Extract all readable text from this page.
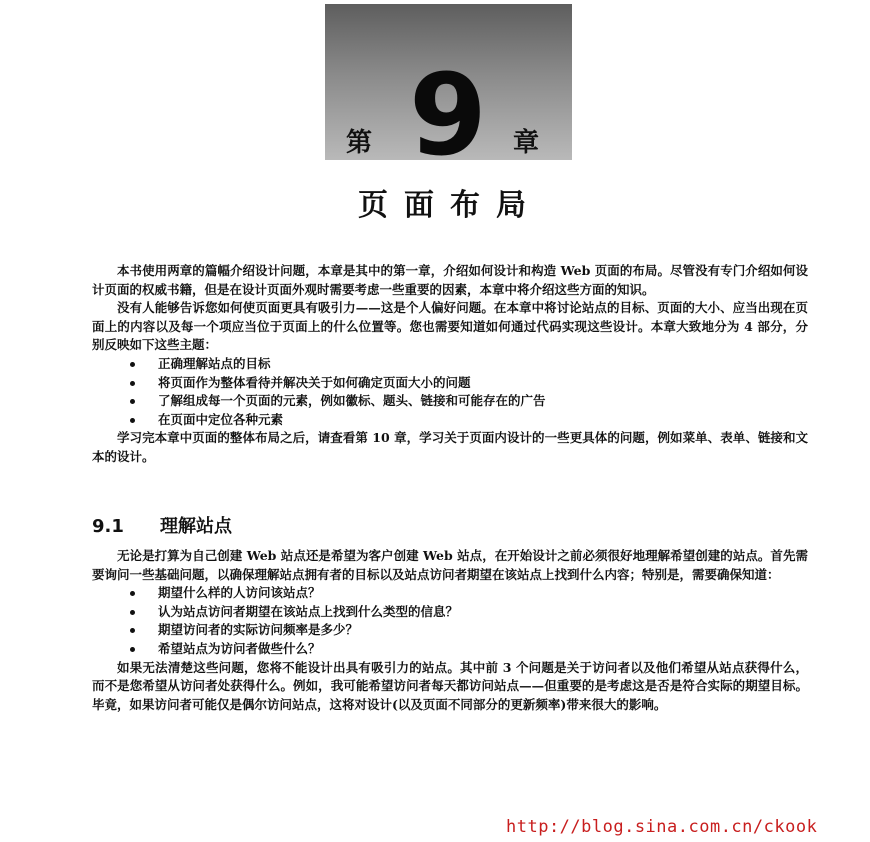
第 9	章
页面布局

本书使用两章的篇幅介绍设计问题，本章是其中的第一章，介绍如何设计和构造 Web 页面的布局。尽管没有专门介绍如何设计页面的权威书籍，但是在设计页面外观时需要考虑一些重要的因素，本章中将介绍这些方面的知识。

没有人能够告诉您如何使页面更具有吸引力——这是个人偏好问题。在本章中将讨论站点的目标、页面的大小、应当出现在页面上的内容以及每一个项应当位于页面上的什么位置等。您也需要知道如何通过代码实现这些设计。本章大致地分为 4 部分，分别反映如下这些主题：

正确理解站点的目标
将页面作为整体看待并解决关于如何确定页面大小的问题
了解组成每一个页面的元素，例如徽标、题头、链接和可能存在的广告
在页面中定位各种元素

学习完本章中页面的整体布局之后，请查看第 10 章，学习关于页面内设计的一些更具体的问题，例如菜单、表单、链接和文本的设计。

9.1 理解站点

无论是打算为自己创建 Web 站点还是希望为客户创建 Web 站点，在开始设计之前必须很好地理解希望创建的站点。首先需要询问一些基础问题，以确保理解站点拥有者的目标以及站点访问者期望在该站点上找到什么内容；特别是，需要确保知道：

期望什么样的人访问该站点？
认为站点访问者期望在该站点上找到什么类型的信息？
期望访问者的实际访问频率是多少？
希望站点为访问者做些什么？

如果无法清楚这些问题，您将不能设计出具有吸引力的站点。其中前 3 个问题是关于访问者以及他们希望从站点获得什么，而不是您希望从访问者处获得什么。例如，我可能希望访问者每天都访问站点——但重要的是考虑这是否是符合实际的期望目标。毕竟，如果访问者可能仅是偶尔访问站点，这将对设计(以及页面不同部分的更新频率)带来很大的影响。

http://blog.sina.com.cn/ckook
